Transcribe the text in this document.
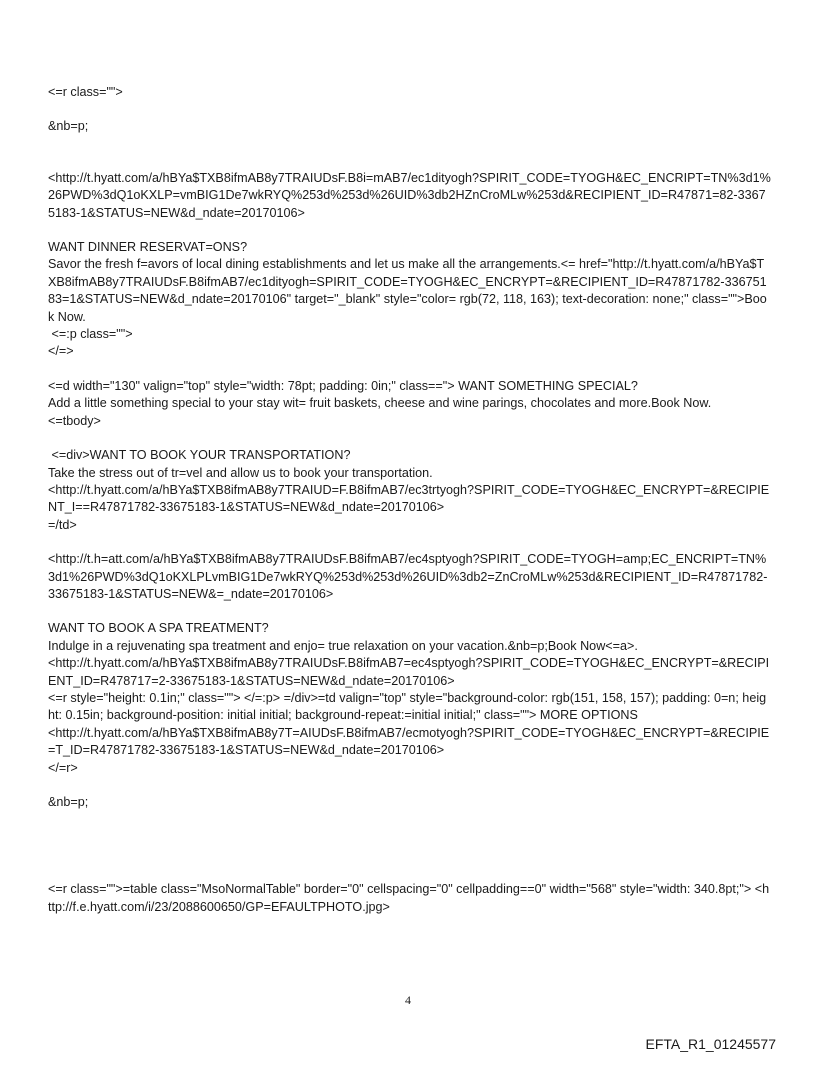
<=r class="">

&nb=p;

<http://t.hyatt.com/a/hBYa$TXB8ifmAB8y7TRAIUDsF.B8i=mAB7/ec1dityogh?SPIRIT_CODE=TYOGH&EC_ENCRIPT=TN%3d1%26PWD%3dQ1oKXLP=vmBIG1De7wkRYQ%253d%253d%26UID%3db2HZnCroMLw%253d&RECIPIENT_ID=R47871=82-33675183-1&STATUS=NEW&d_ndate=20170106>

WANT DINNER RESERVAT=ONS?

Savor the fresh f=avors of local dining establishments and let us make all the arrangements.<= href="http://t.hyatt.com/a/hBYa$TXB8ifmAB8y7TRAIUDsF.B8ifmAB7/ec1dityogh=SPIRIT_CODE=TYOGH&EC_ENCRYPT=&RECIPIENT_ID=R47871782-33675183=1&STATUS=NEW&d_ndate=20170106" target="_blank" style="color= rgb(72, 118, 163); text-decoration: none;" class="">Book Now.

<=:p class="">

</=>

<=d width="130" valign="top" style="width: 78pt; padding: 0in;" class=="> WANT SOMETHING SPECIAL?

Add a little something special to your stay wit= fruit baskets, cheese and wine parings, chocolates and more.Book Now.

<=tbody>

<=div>WANT TO BOOK YOUR TRANSPORTATION?

Take the stress out of tr=vel and allow us to book your transportation.

<http://t.hyatt.com/a/hBYa$TXB8ifmAB8y7TRAIUD=F.B8ifmAB7/ec3trtyogh?SPIRIT_CODE=TYOGH&EC_ENCRYPT=&RECIPIENT_I==R47871782-33675183-1&STATUS=NEW&d_ndate=20170106>

=/td>

<http://t.h=att.com/a/hBYa$TXB8ifmAB8y7TRAIUDsF.B8ifmAB7/ec4sptyogh?SPIRIT_CODE=TYOGH=amp;EC_ENCRIPT=TN%3d1%26PWD%3dQ1oKXLPLvmBIG1De7wkRYQ%253d%253d%26UID%3db2=ZnCroMLw%253d&RECIPIENT_ID=R47871782-33675183-1&STATUS=NEW&=_ndate=20170106>

WANT TO BOOK A SPA TREATMENT?

Indulge in a rejuvenating spa treatment and enjo= true relaxation on your vacation.&nb=p;Book Now<=a>.

<http://t.hyatt.com/a/hBYa$TXB8ifmAB8y7TRAIUDsF.B8ifmAB7=ec4sptyogh?SPIRIT_CODE=TYOGH&EC_ENCRYPT=&RECIPIENT_ID=R478717=2-33675183-1&STATUS=NEW&d_ndate=20170106>

<=r style="height: 0.1in;" class=""> </=:p> =/div>=td valign="top" style="background-color: rgb(151, 158, 157); padding: 0=n; height: 0.15in; background-position: initial initial; background-repeat:=initial initial;" class=""> MORE OPTIONS

<http://t.hyatt.com/a/hBYa$TXB8ifmAB8y7T=AIUDsF.B8ifmAB7/ecmotyogh?SPIRIT_CODE=TYOGH&EC_ENCRYPT=&RECIPIE=T_ID=R47871782-33675183-1&STATUS=NEW&d_ndate=20170106>

</=r>

&nb=p;

<=r class="">=table class="MsoNormalTable" border="0" cellspacing="0" cellpadding==0" width="568" style="width: 340.8pt;"> <http://f.e.hyatt.com/i/23/2088600650/GP=EFAULTPHOTO.jpg>

4
EFTA_R1_01245577
